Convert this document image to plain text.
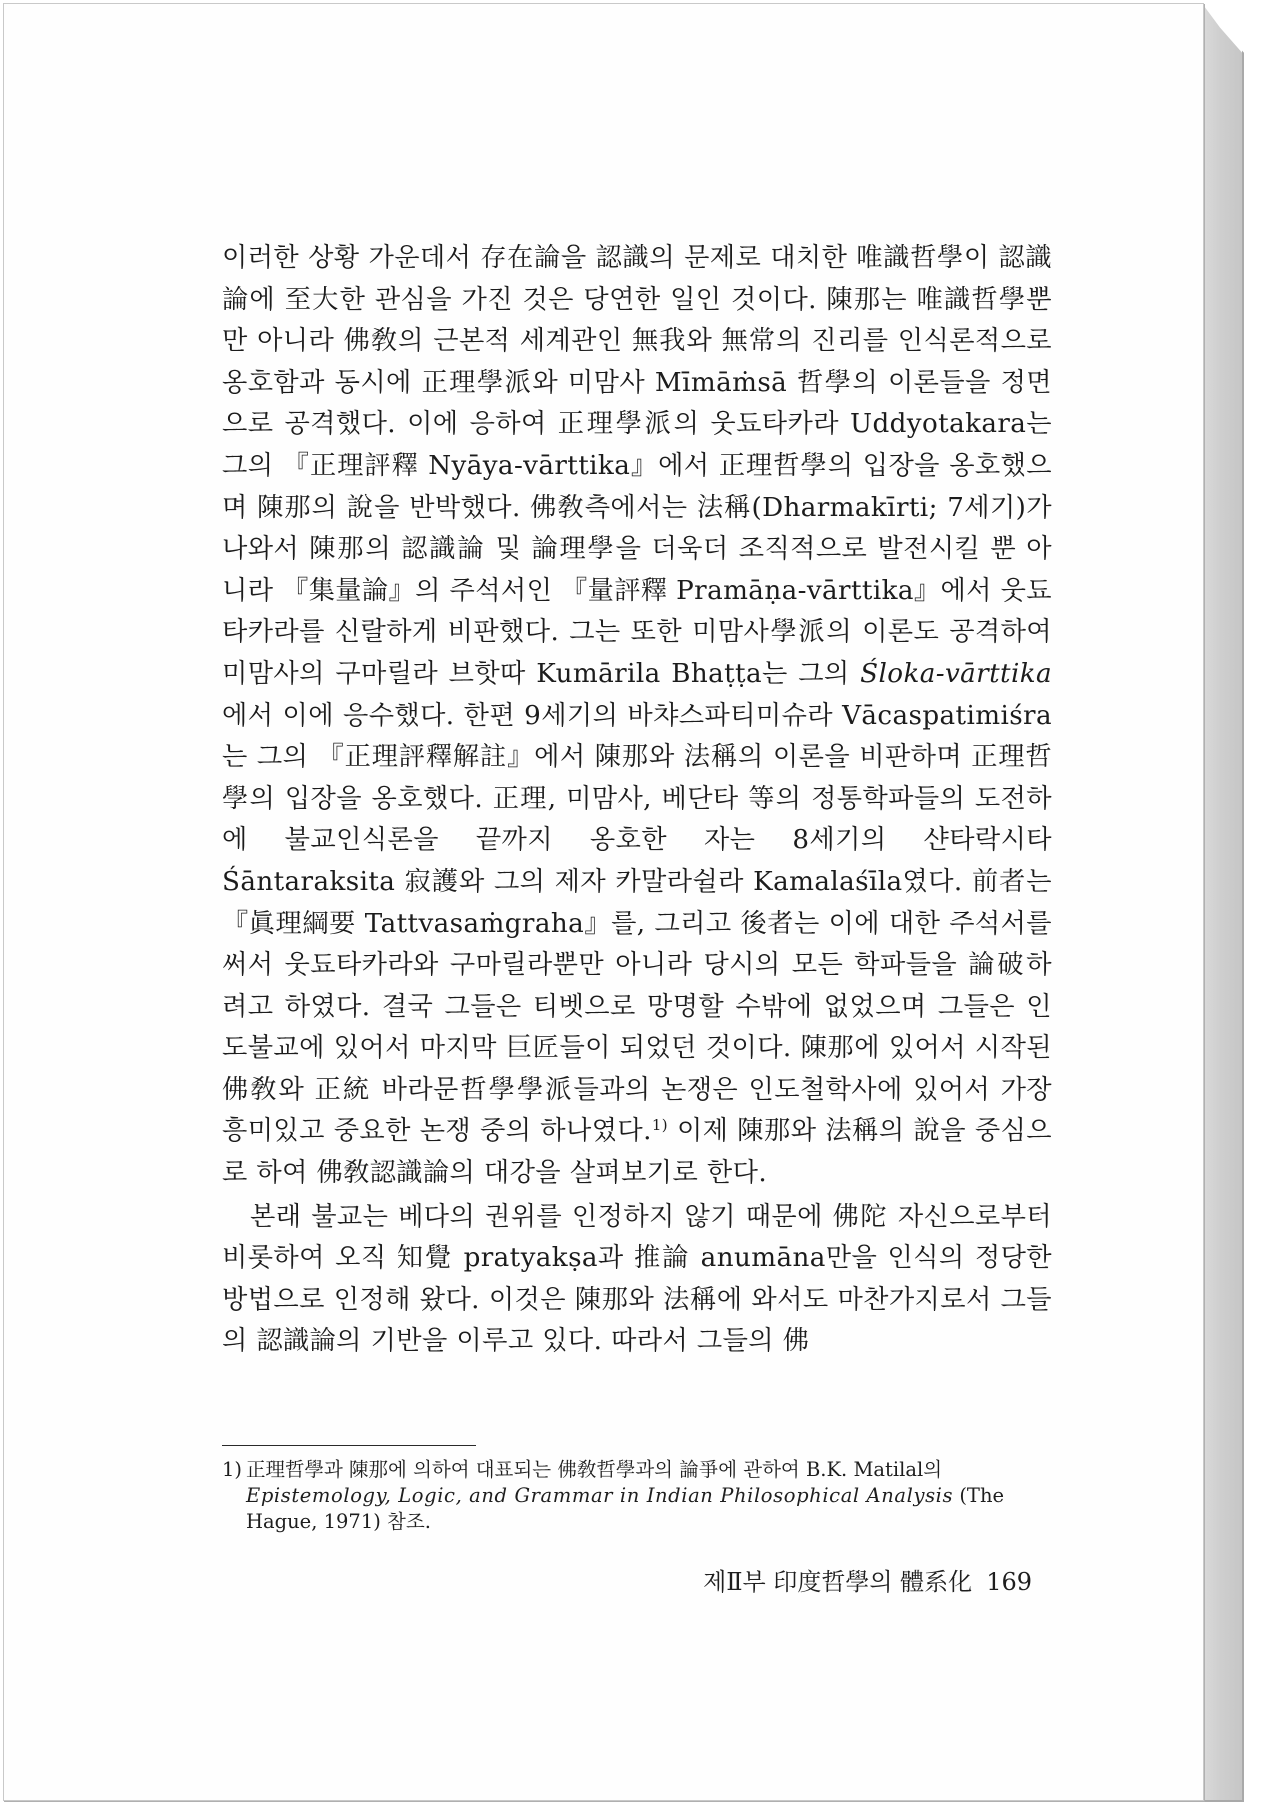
이러한 상황 가운데서 存在論을 認識의 문제로 대치한 唯識哲學이 認識論에 至大한 관심을 가진 것은 당연한 일인 것이다. 陳那는 唯識哲學뿐만 아니라 佛敎의 근본적 세계관인 無我와 無常의 진리를 인식론적으로 옹호함과 동시에 正理學派와 미맘사 Mīmāṁsā 哲學의 이론들을 정면으로 공격했다. 이에 응하여 正理學派의 웃됴타카라 Uddyotakara는 그의 『正理評釋 Nyāya-vārttika』에서 正理哲學의 입장을 옹호했으며 陳那의 說을 반박했다. 佛敎측에서는 法稱(Dharmakīrti; 7세기)가 나와서 陳那의 認識論 및 論理學을 더욱더 조직적으로 발전시킬 뿐 아니라 『集量論』의 주석서인 『量評釋 Pramāṇa-vārttika』에서 웃됴타카라를 신랄하게 비판했다. 그는 또한 미맘사學派의 이론도 공격하여 미맘사의 구마릴라 브핫따 Kumārila Bhaṭṭa는 그의 Śloka-vārttika에서 이에 응수했다. 한편 9세기의 바챠스파티미슈라 Vācaspatimiśra는 그의 『正理評釋解註』에서 陳那와 法稱의 이론을 비판하며 正理哲學의 입장을 옹호했다. 正理, 미맘사, 베단타 等의 정통학파들의 도전하에 불교인식론을 끝까지 옹호한 자는 8세기의 샨타락시타 Śāntaraksita 寂護와 그의 제자 카말라쉴라 Kamalaśīla였다. 前者는 『眞理綱要 Tattvasaṁgraha』를, 그리고 後者는 이에 대한 주석서를 써서 웃됴타카라와 구마릴라뿐만 아니라 당시의 모든 학파들을 論破하려고 하였다. 결국 그들은 티벳으로 망명할 수밖에 없었으며 그들은 인도불교에 있어서 마지막 巨匠들이 되었던 것이다. 陳那에 있어서 시작된 佛敎와 正統 바라문哲學學派들과의 논쟁은 인도철학사에 있어서 가장 흥미있고 중요한 논쟁 중의 하나였다.$^{1)}$ 이제 陳那와 法稱의 說을 중심으로 하여 佛敎認識論의 대강을 살펴보기로 한다.

본래 불교는 베다의 권위를 인정하지 않기 때문에 佛陀 자신으로부터 비롯하여 오직 知覺 pratyakṣa과 推論 anumāna만을 인식의 정당한 방법으로 인정해 왔다. 이것은 陳那와 法稱에 와서도 마찬가지로서 그들의 認識論의 기반을 이루고 있다. 따라서 그들의 佛

1) 正理哲學과 陳那에 의하여 대표되는 佛敎哲學과의 論爭에 관하여 B.K. Matilal의 Epistemology, Logic, and Grammar in Indian Philosophical Analysis (The Hague, 1971) 참조.
제Ⅱ부 印度哲學의 體系化 169
